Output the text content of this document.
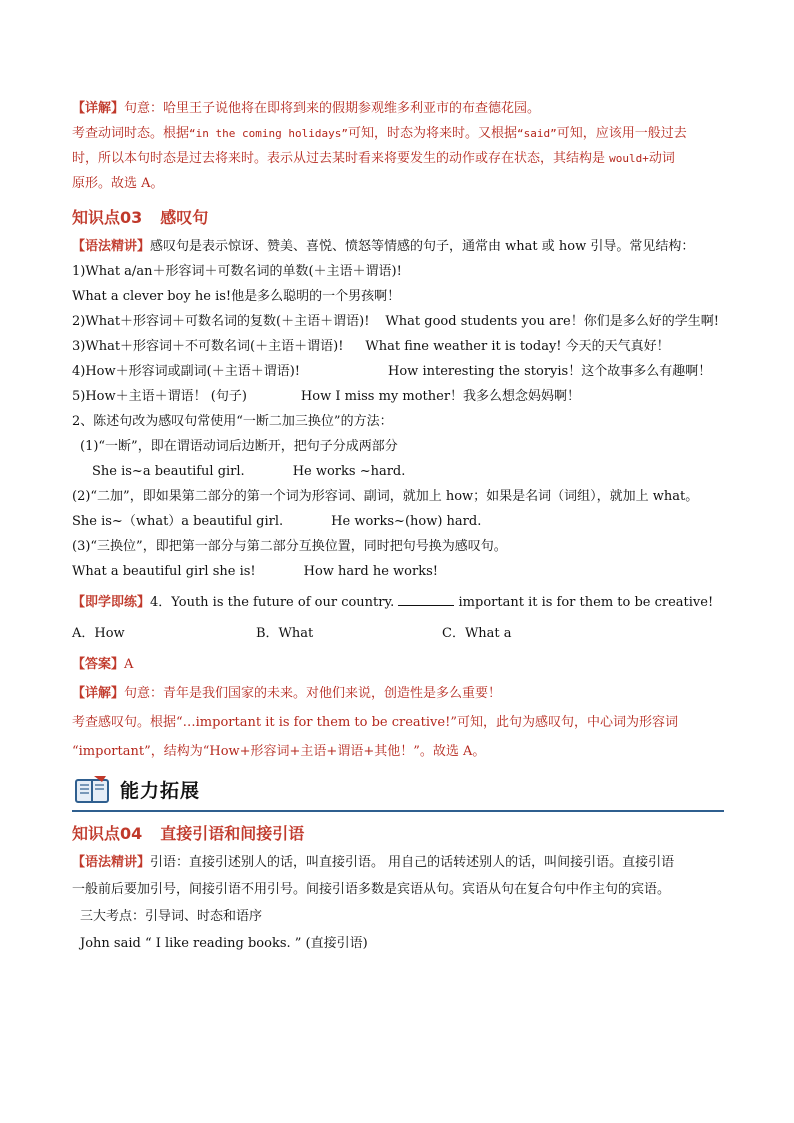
【详解】句意：哈里王子说他将在即将到来的假期参观维多利亚市的布查德花园。
考查动词时态。根据“in the coming holidays”可知，时态为将来时。又根据“said”可知，应该用一般过去
时，所以本句时态是过去将来时。表示从过去某时看来将要发生的动作或存在状态，其结构是 would+动词
原形。故选 A。
知识点03 感叹句
【语法精讲】感叹句是表示惊讶、赞美、喜悦、愤怒等情感的句子，通常由 what 或 how 引导。常见结构：
1)What a/an＋形容词＋可数名词的单数(＋主语＋谓语)!
What a clever boy he is!他是多么聪明的一个男孩啊！
2)What＋形容词＋可数名词的复数(＋主语＋谓语)! What good students you are！你们是多么好的学生啊!
3)What＋形容词＋不可数名词(＋主语＋谓语)! What fine weather it is today! 今天的天气真好！
4)How＋形容词或副词(＋主语＋谓语)!	How interesting the storyis！这个故事多么有趣啊！
5)How＋主语＋谓语！ (句子)	How I miss my mother！我多么想念妈妈啊！
2、陈述句改为感叹句常使用“一断二加三换位”的方法：
(1)“一断”，即在谓语动词后边断开，把句子分成两部分
She is~a beautiful girl.	He works ~hard.
(2)“二加”，即如果第二部分的第一个词为形容词、副词，就加上 how；如果是名词（词组），就加上 what。
She is~（what）a beautiful girl.	He works~(how) hard.
(3)“三换位”，即把第一部分与第二部分互换位置，同时把句号换为感叹句。
What a beautiful girl she is!	How hard he works!
【即学即练】4．Youth is the future of our country.	important it is for them to be creative!
A．How	B．What	C．What a
【答案】A
【详解】句意：青年是我们国家的未来。对他们来说，创造性是多么重要！
考查感叹句。根据“…important it is for them to be creative!”可知，此句为感叹句，中心词为形容词
“important”，结构为“How+形容词+主语+谓语+其他！”。故选 A。
能力拓展
知识点04 直接引语和间接引语
【语法精讲】引语：直接引述别人的话，叫直接引语。 用自己的话转述别人的话，叫间接引语。直接引语
一般前后要加引号，间接引语不用引号。间接引语多数是宾语从句。宾语从句在复合句中作主句的宾语。
三大考点：引导词、时态和语序
John said “ I like reading books. ” (直接引语)
